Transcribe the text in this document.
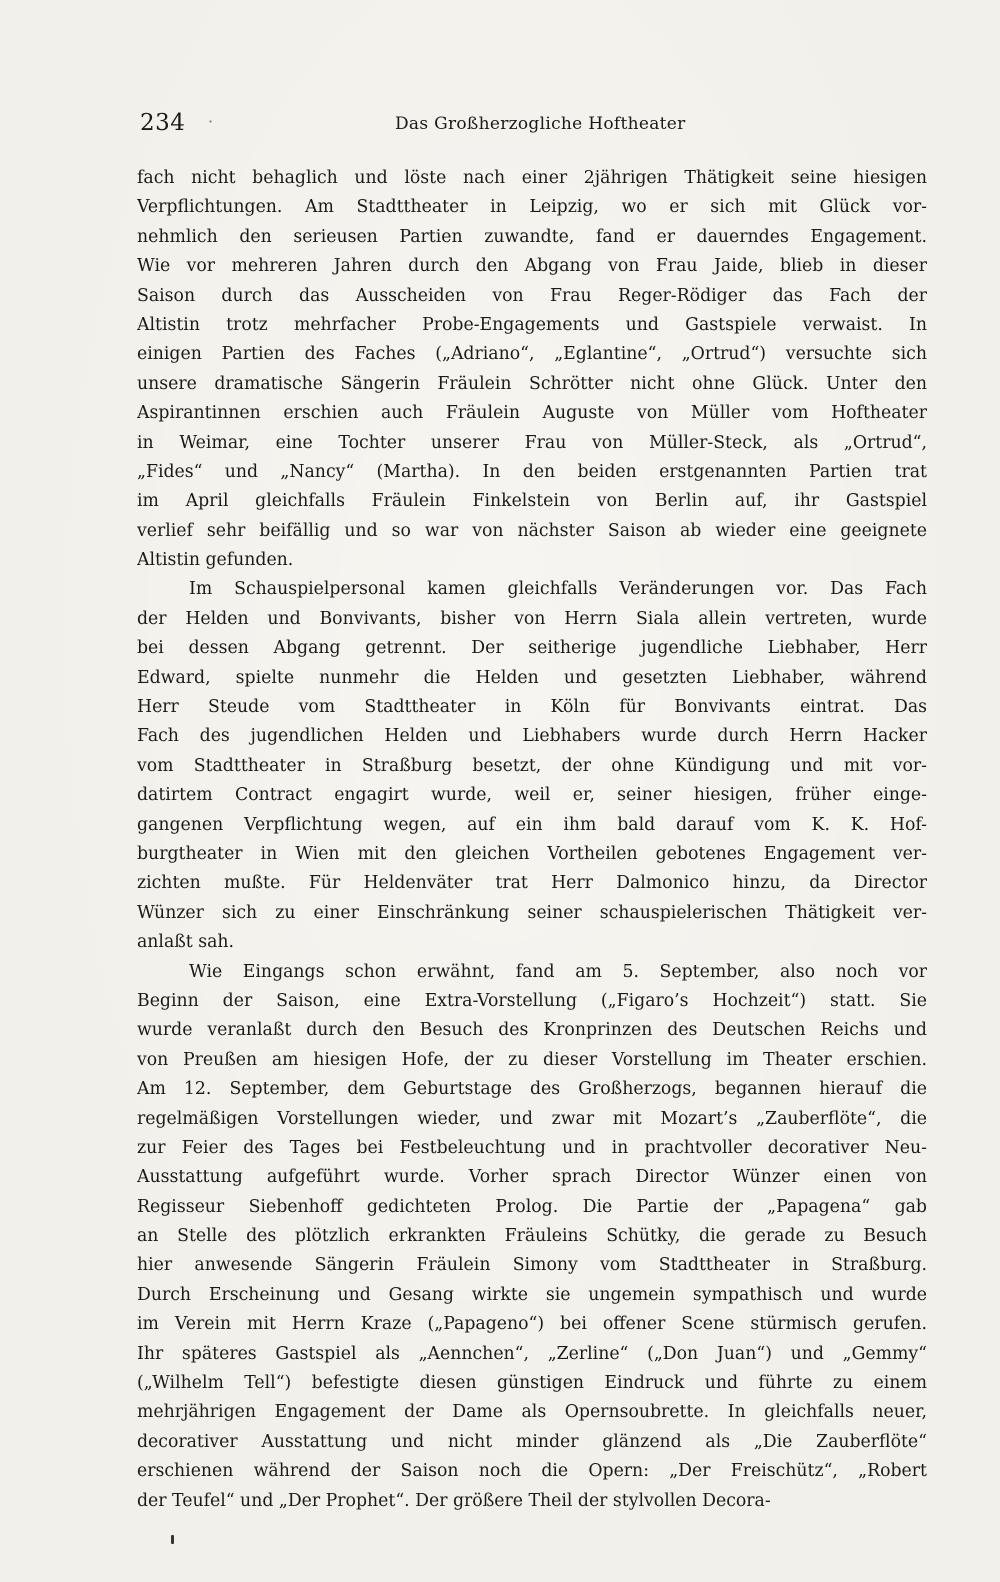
234 ·	Das Großherzogliche Hoftheater
fach nicht behaglich und löste nach einer 2jährigen Thätigkeit seine hiesigen
Verpflichtungen. Am Stadttheater in Leipzig, wo er sich mit Glück vor-
nehmlich den serieusen Partien zuwandte, fand er dauerndes Engagement.
Wie vor mehreren Jahren durch den Abgang von Frau Jaide, blieb in dieser
Saison durch das Ausscheiden von Frau Reger-Rödiger das Fach der
Altistin trotz mehrfacher Probe-Engagements und Gastspiele verwaist. In
einigen Partien des Faches („Adriano“, „Eglantine“, „Ortrud“) versuchte sich
unsere dramatische Sängerin Fräulein Schrötter nicht ohne Glück. Unter den
Aspirantinnen erschien auch Fräulein Auguste von Müller vom Hoftheater
in Weimar, eine Tochter unserer Frau von Müller-Steck, als „Ortrud“,
„Fides“ und „Nancy“ (Martha). In den beiden erstgenannten Partien trat
im April gleichfalls Fräulein Finkelstein von Berlin auf, ihr Gastspiel
verlief sehr beifällig und so war von nächster Saison ab wieder eine geeignete
Altistin gefunden.
Im Schauspielpersonal kamen gleichfalls Veränderungen vor. Das Fach
der Helden und Bonvivants, bisher von Herrn Siala allein vertreten, wurde
bei dessen Abgang getrennt. Der seitherige jugendliche Liebhaber, Herr
Edward, spielte nunmehr die Helden und gesetzten Liebhaber, während
Herr Steude vom Stadttheater in Köln für Bonvivants eintrat. Das
Fach des jugendlichen Helden und Liebhabers wurde durch Herrn Hacker
vom Stadttheater in Straßburg besetzt, der ohne Kündigung und mit vor-
datirtem Contract engagirt wurde, weil er, seiner hiesigen, früher einge-
gangenen Verpflichtung wegen, auf ein ihm bald darauf vom K. K. Hof-
burgtheater in Wien mit den gleichen Vortheilen gebotenes Engagement ver-
zichten mußte. Für Heldenväter trat Herr Dalmonico hinzu, da Director
Wünzer sich zu einer Einschränkung seiner schauspielerischen Thätigkeit ver-
anlaßt sah.
Wie Eingangs schon erwähnt, fand am 5. September, also noch vor
Beginn der Saison, eine Extra-Vorstellung („Figaro’s Hochzeit“) statt. Sie
wurde veranlaßt durch den Besuch des Kronprinzen des Deutschen Reichs und
von Preußen am hiesigen Hofe, der zu dieser Vorstellung im Theater erschien.
Am 12. September, dem Geburtstage des Großherzogs, begannen hierauf die
regelmäßigen Vorstellungen wieder, und zwar mit Mozart’s „Zauberflöte“, die
zur Feier des Tages bei Festbeleuchtung und in prachtvoller decorativer Neu-
Ausstattung aufgeführt wurde. Vorher sprach Director Wünzer einen von
Regisseur Siebenhoff gedichteten Prolog. Die Partie der „Papagena“ gab
an Stelle des plötzlich erkrankten Fräuleins Schütky, die gerade zu Besuch
hier anwesende Sängerin Fräulein Simony vom Stadttheater in Straßburg.
Durch Erscheinung und Gesang wirkte sie ungemein sympathisch und wurde
im Verein mit Herrn Kraze („Papageno“) bei offener Scene stürmisch gerufen.
Ihr späteres Gastspiel als „Aennchen“, „Zerline“ („Don Juan“) und „Gemmy“
(„Wilhelm Tell“) befestigte diesen günstigen Eindruck und führte zu einem
mehrjährigen Engagement der Dame als Opernsoubrette. In gleichfalls neuer,
decorativer Ausstattung und nicht minder glänzend als „Die Zauberflöte“
erschienen während der Saison noch die Opern: „Der Freischütz“, „Robert
der Teufel“ und „Der Prophet“. Der größere Theil der stylvollen Decora-
